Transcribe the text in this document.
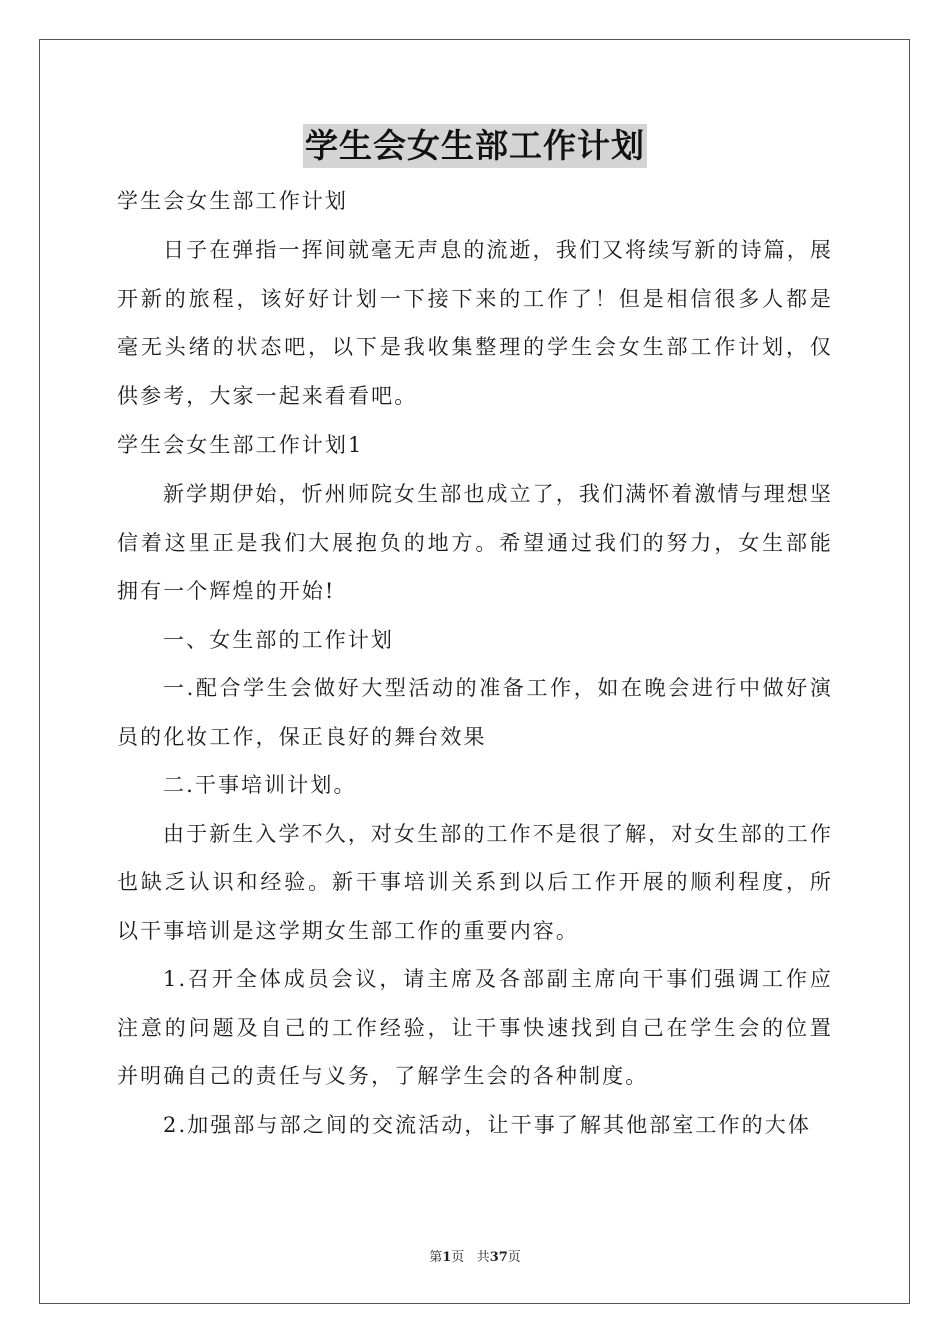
学生会女生部工作计划

学生会女生部工作计划

日子在弹指一挥间就毫无声息的流逝，我们又将续写新的诗篇，展开新的旅程，该好好计划一下接下来的工作了！但是相信很多人都是毫无头绪的状态吧，以下是我收集整理的学生会女生部工作计划，仅供参考，大家一起来看看吧。

学生会女生部工作计划1

新学期伊始，忻州师院女生部也成立了，我们满怀着激情与理想坚信着这里正是我们大展抱负的地方。希望通过我们的努力，女生部能拥有一个辉煌的开始!

一、女生部的工作计划

一.配合学生会做好大型活动的准备工作，如在晚会进行中做好演员的化妆工作，保正良好的舞台效果

二.干事培训计划。

由于新生入学不久，对女生部的工作不是很了解，对女生部的工作也缺乏认识和经验。新干事培训关系到以后工作开展的顺利程度，所以干事培训是这学期女生部工作的重要内容。

1.召开全体成员会议，请主席及各部副主席向干事们强调工作应注意的问题及自己的工作经验，让干事快速找到自己在学生会的位置并明确自己的责任与义务，了解学生会的各种制度。

2.加强部与部之间的交流活动，让干事了解其他部室工作的大体

第1页 共37页
